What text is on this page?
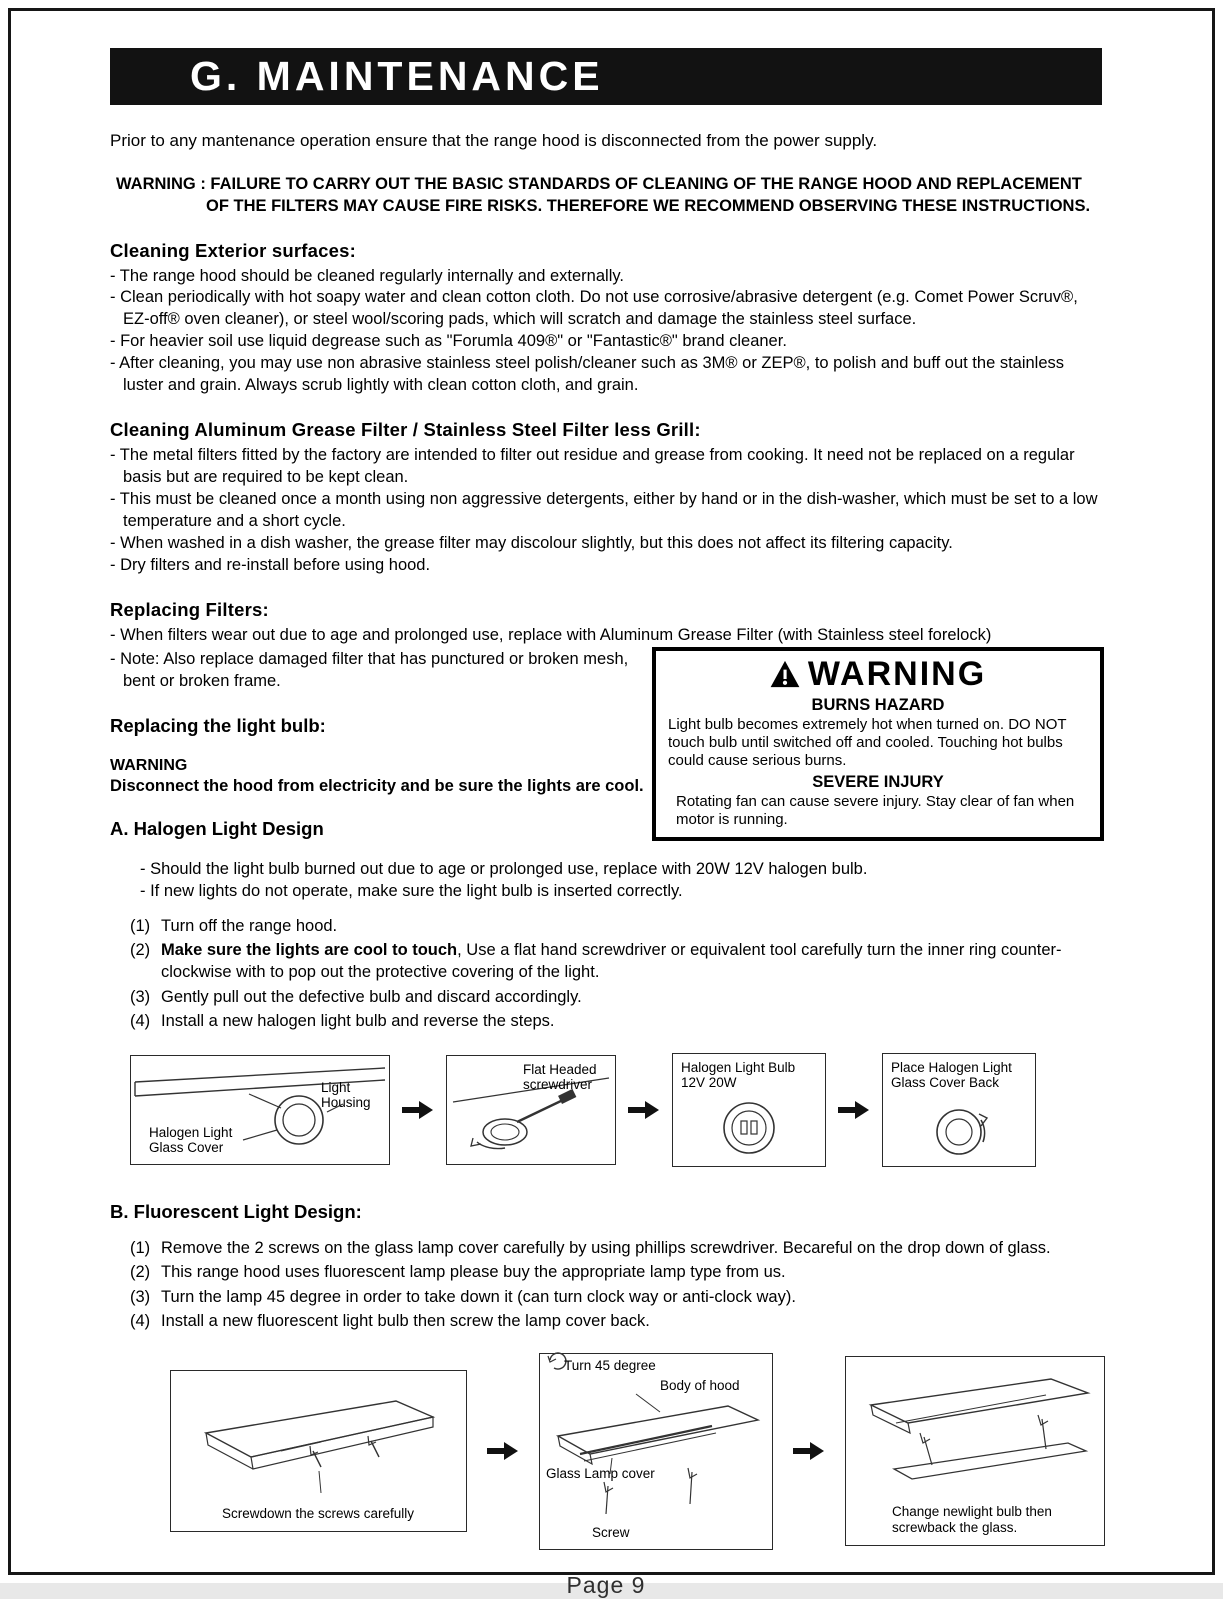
G. MAINTENANCE
Prior to any mantenance operation ensure that the range hood is disconnected from the power supply.
WARNING : FAILURE TO CARRY OUT THE BASIC STANDARDS OF CLEANING OF THE RANGE HOOD AND REPLACEMENT
OF THE FILTERS MAY CAUSE FIRE RISKS. THEREFORE WE RECOMMEND OBSERVING THESE INSTRUCTIONS.
Cleaning Exterior surfaces:
- The range hood should be cleaned regularly internally and externally.
- Clean periodically with hot soapy water and clean cotton cloth. Do not use corrosive/abrasive detergent (e.g. Comet Power Scruv®, EZ-off® oven cleaner), or steel wool/scoring pads, which will scratch and damage the stainless steel surface.
- For heavier soil use liquid degrease such as "Forumla 409®" or "Fantastic®" brand cleaner.
- After cleaning, you may use non abrasive stainless steel polish/cleaner such as 3M® or ZEP®, to polish and buff out the stainless luster and grain. Always scrub lightly with clean cotton cloth, and grain.
Cleaning Aluminum Grease Filter / Stainless Steel Filter less Grill:
- The metal filters fitted by the factory are intended to filter out residue and grease from cooking. It need not be replaced on a regular basis but are required to be kept clean.
- This must be cleaned once a month using non aggressive detergents, either by hand or in the dish-washer, which must be set to a low temperature and a short cycle.
- When washed in a dish washer, the grease filter may discolour slightly, but this does not affect its filtering capacity.
- Dry filters and re-install before using hood.
Replacing Filters:
- When filters wear out due to age and prolonged use, replace with Aluminum Grease Filter (with Stainless steel forelock)
- Note: Also replace damaged filter that has punctured or broken mesh,
bent or broken frame.
Replacing the light bulb:
WARNING
Disconnect the hood from electricity and be sure the lights are cool.
A. Halogen Light Design
WARNING
BURNS HAZARD
Light bulb becomes extremely hot when turned on. DO NOT touch bulb until switched off and cooled. Touching hot bulbs could cause serious burns.
SEVERE INJURY
Rotating fan can cause severe injury. Stay clear of fan when motor is running.
- Should the light bulb burned out due to age or prolonged use, replace with 20W 12V halogen bulb.
- If new lights do not operate, make sure the light bulb is inserted correctly.
(1) Turn off the range hood.
(2) Make sure the lights are cool to touch, Use a flat hand screwdriver or equivalent tool carefully turn the inner ring counter-clockwise with to pop out the protective covering of the light.
(3) Gently pull out the defective bulb and discard accordingly.
(4) Install a new halogen light bulb and reverse the steps.
Light Housing
Halogen Light Glass Cover
Flat Headed screwdriver
Halogen Light Bulb
12V 20W
Place Halogen Light Glass Cover Back
B. Fluorescent Light Design:
(1) Remove the 2 screws on the glass lamp cover carefully by using phillips screwdriver. Becareful on the drop down of glass.
(2) This range hood uses fluorescent lamp please buy the appropriate lamp type from us.
(3) Turn the lamp 45 degree in order to take down it (can turn clock way or anti-clock way).
(4) Install a new fluorescent light bulb then screw the lamp cover back.
Screwdown the screws carefully
Turn 45 degree
Body of hood
Glass Lamp cover
Screw
Change newlight bulb then screwback the glass.
Page 9
